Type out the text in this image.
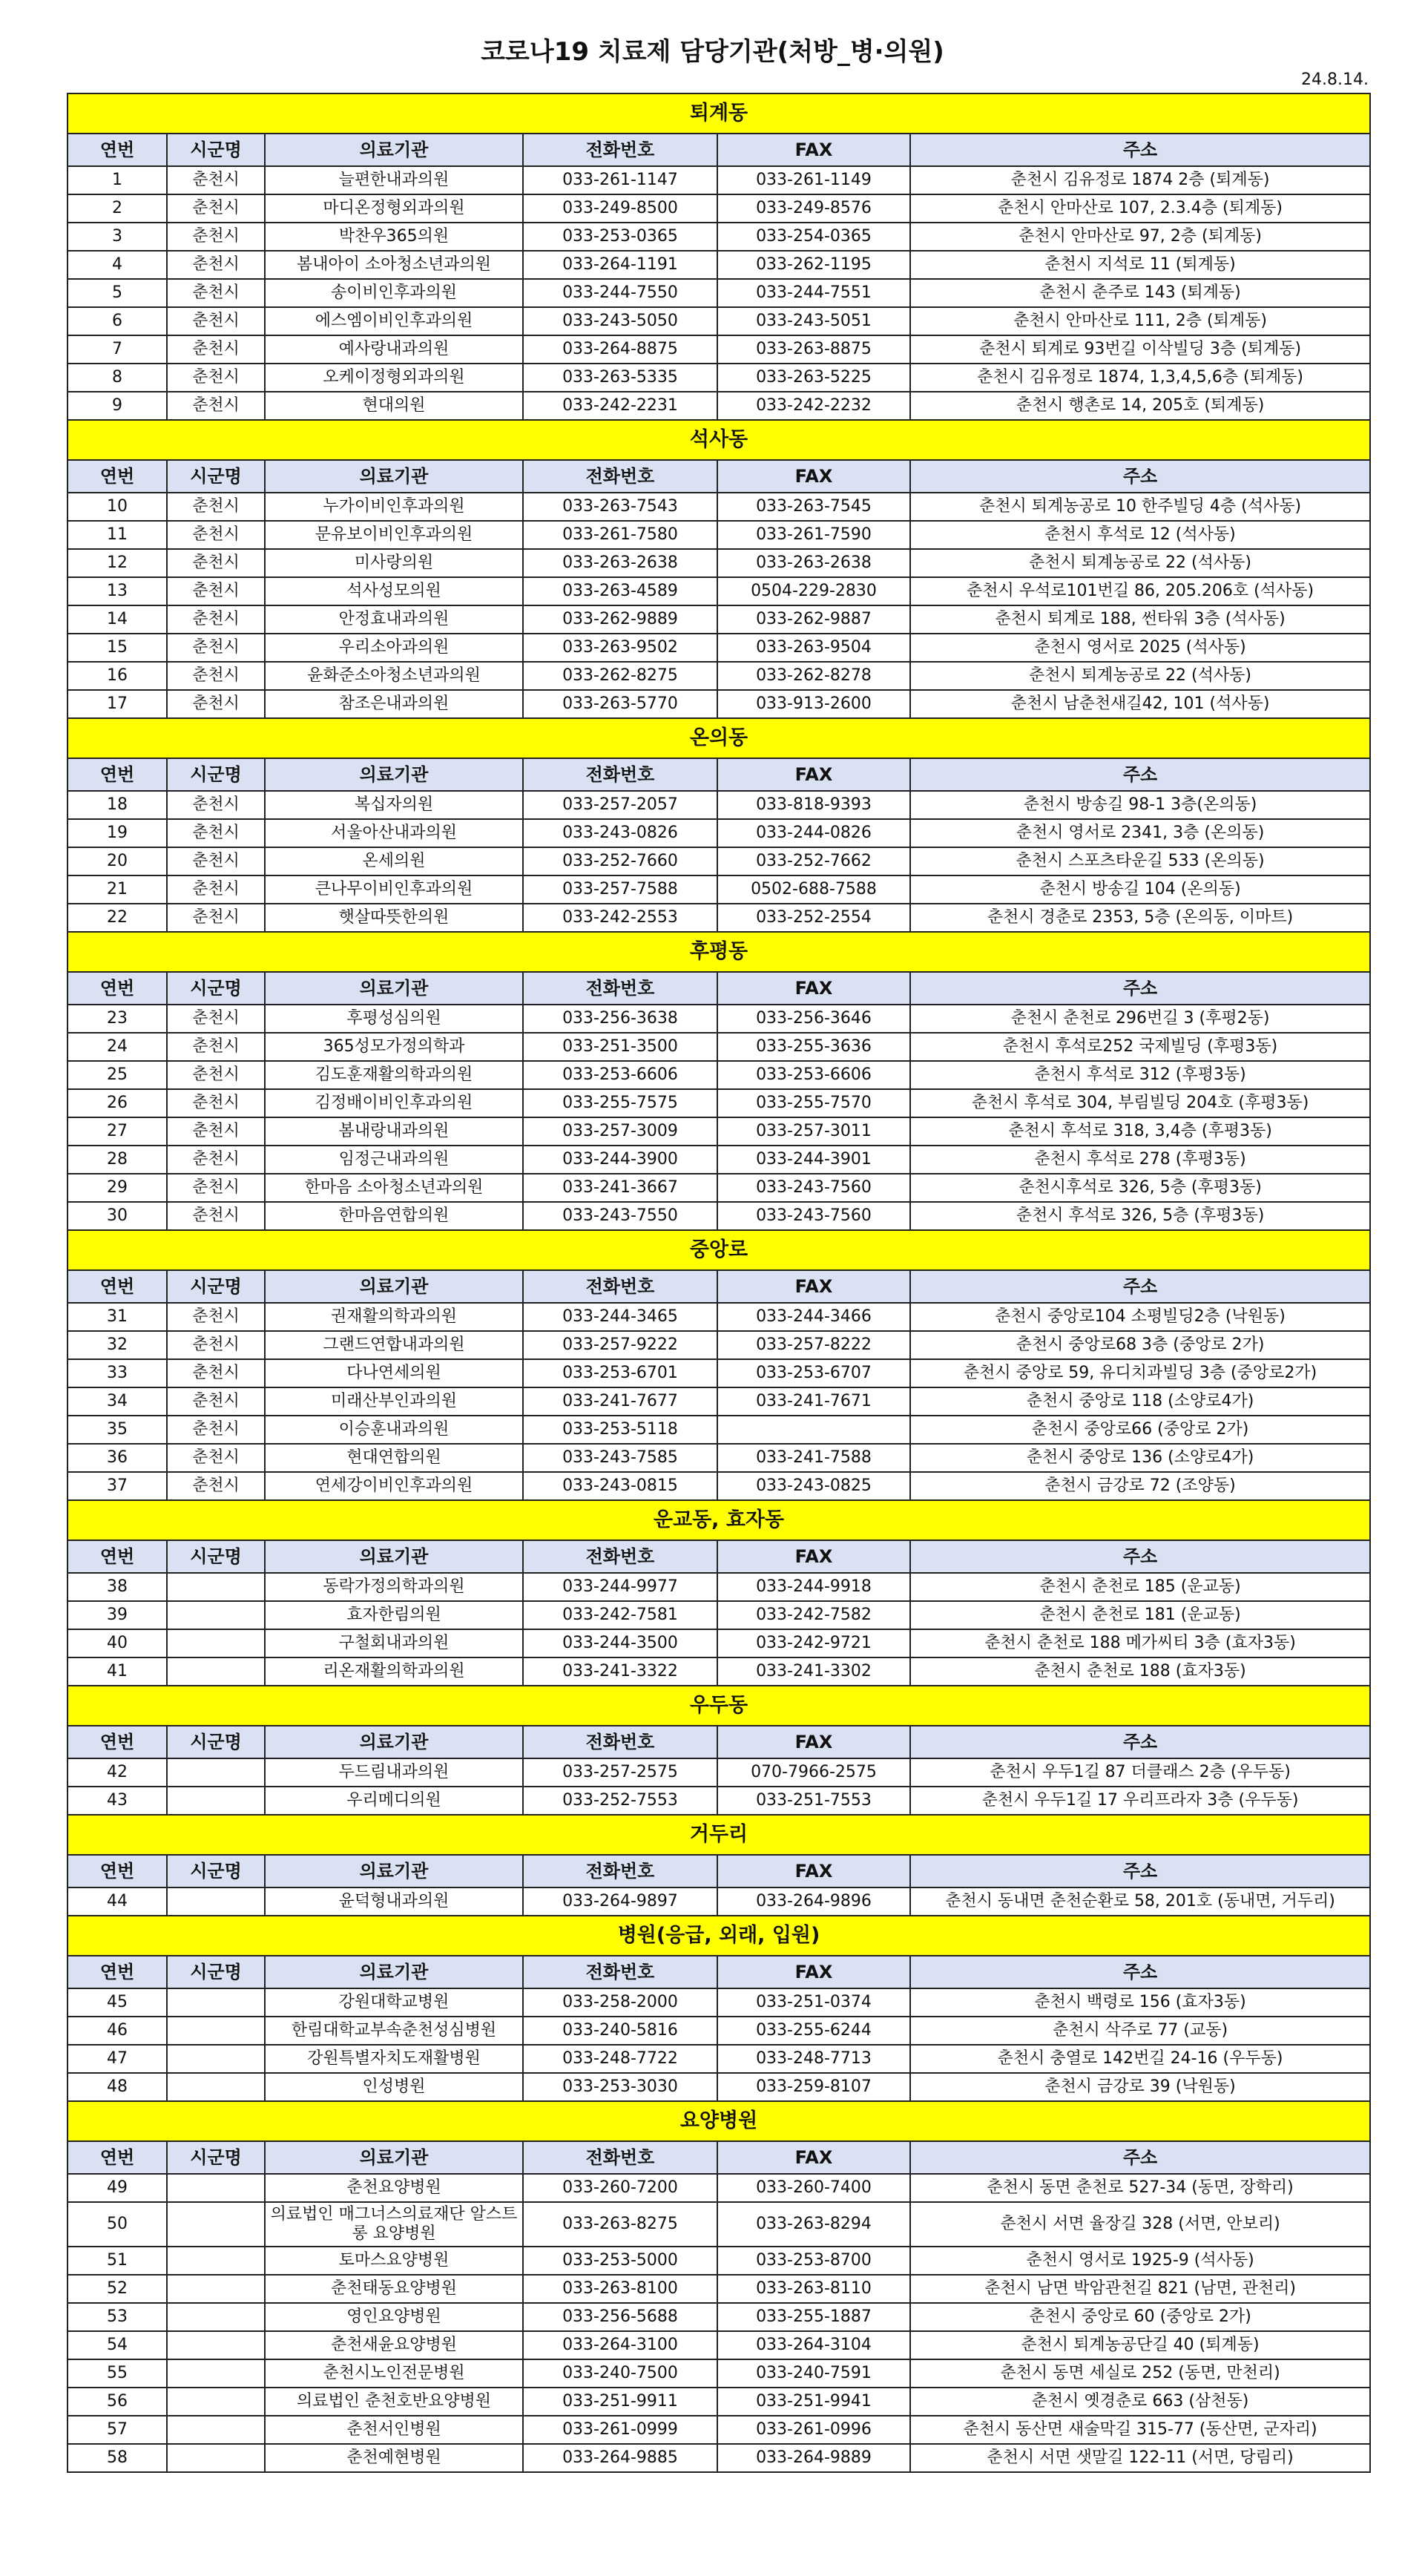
코로나19 치료제 담당기관(처방_병·의원)
24.8.14.
퇴계동					
연번	시군명	의료기관	전화번호	FAX	주소
1	춘천시	늘편한내과의원	033-261-1147	033-261-1149	춘천시 김유정로 1874 2층 (퇴계동)
2	춘천시	마디온정형외과의원	033-249-8500	033-249-8576	춘천시 안마산로 107, 2.3.4층 (퇴계동)
3	춘천시	박찬우365의원	033-253-0365	033-254-0365	춘천시 안마산로 97, 2층 (퇴계동)
4	춘천시	봄내아이 소아청소년과의원	033-264-1191	033-262-1195	춘천시 지석로 11 (퇴계동)
5	춘천시	송이비인후과의원	033-244-7550	033-244-7551	춘천시 춘주로 143 (퇴계동)
6	춘천시	에스엠이비인후과의원	033-243-5050	033-243-5051	춘천시 안마산로 111, 2층 (퇴계동)
7	춘천시	예사랑내과의원	033-264-8875	033-263-8875	춘천시 퇴계로 93번길 이삭빌딩 3층 (퇴계동)
8	춘천시	오케이정형외과의원	033-263-5335	033-263-5225	춘천시 김유정로 1874, 1,3,4,5,6층 (퇴계동)
9	춘천시	현대의원	033-242-2231	033-242-2232	춘천시 행촌로 14, 205호 (퇴계동)
석사동					
연번	시군명	의료기관	전화번호	FAX	주소
10	춘천시	누가이비인후과의원	033-263-7543	033-263-7545	춘천시 퇴계농공로 10 한주빌딩 4층 (석사동)
11	춘천시	문유보이비인후과의원	033-261-7580	033-261-7590	춘천시 후석로 12 (석사동)
12	춘천시	미사랑의원	033-263-2638	033-263-2638	춘천시 퇴계농공로 22 (석사동)
13	춘천시	석사성모의원	033-263-4589	0504-229-2830	춘천시 우석로101번길 86, 205.206호 (석사동)
14	춘천시	안정효내과의원	033-262-9889	033-262-9887	춘천시 퇴계로 188, 썬타워 3층 (석사동)
15	춘천시	우리소아과의원	033-263-9502	033-263-9504	춘천시 영서로 2025 (석사동)
16	춘천시	윤화준소아청소년과의원	033-262-8275	033-262-8278	춘천시 퇴계농공로 22 (석사동)
17	춘천시	참조은내과의원	033-263-5770	033-913-2600	춘천시 남춘천새길42, 101 (석사동)
온의동					
연번	시군명	의료기관	전화번호	FAX	주소
18	춘천시	복십자의원	033-257-2057	033-818-9393	춘천시 방송길 98-1 3층(온의동)
19	춘천시	서울아산내과의원	033-243-0826	033-244-0826	춘천시 영서로 2341, 3층 (온의동)
20	춘천시	온세의원	033-252-7660	033-252-7662	춘천시 스포츠타운길 533 (온의동)
21	춘천시	큰나무이비인후과의원	033-257-7588	0502-688-7588	춘천시 방송길 104 (온의동)
22	춘천시	햇살따뜻한의원	033-242-2553	033-252-2554	춘천시 경춘로 2353, 5층 (온의동, 이마트)
후평동					
연번	시군명	의료기관	전화번호	FAX	주소
23	춘천시	후평성심의원	033-256-3638	033-256-3646	춘천시 춘천로 296번길 3 (후평2동)
24	춘천시	365성모가정의학과	033-251-3500	033-255-3636	춘천시 후석로252 국제빌딩 (후평3동)
25	춘천시	김도훈재활의학과의원	033-253-6606	033-253-6606	춘천시 후석로 312 (후평3동)
26	춘천시	김정배이비인후과의원	033-255-7575	033-255-7570	춘천시 후석로 304, 부림빌딩 204호 (후평3동)
27	춘천시	봄내랑내과의원	033-257-3009	033-257-3011	춘천시 후석로 318, 3,4층 (후평3동)
28	춘천시	임정근내과의원	033-244-3900	033-244-3901	춘천시 후석로 278 (후평3동)
29	춘천시	한마음 소아청소년과의원	033-241-3667	033-243-7560	춘천시후석로 326, 5층 (후평3동)
30	춘천시	한마음연합의원	033-243-7550	033-243-7560	춘천시 후석로 326, 5층 (후평3동)
중앙로					
연번	시군명	의료기관	전화번호	FAX	주소
31	춘천시	권재활의학과의원	033-244-3465	033-244-3466	춘천시 중앙로104 소평빌딩2층 (낙원동)
32	춘천시	그랜드연합내과의원	033-257-9222	033-257-8222	춘천시 중앙로68 3층 (중앙로 2가)
33	춘천시	다나연세의원	033-253-6701	033-253-6707	춘천시 중앙로 59, 유디치과빌딩 3층 (중앙로2가)
34	춘천시	미래산부인과의원	033-241-7677	033-241-7671	춘천시 중앙로 118 (소양로4가)
35	춘천시	이승훈내과의원	033-253-5118		춘천시 중앙로66 (중앙로 2가)
36	춘천시	현대연합의원	033-243-7585	033-241-7588	춘천시 중앙로 136 (소양로4가)
37	춘천시	연세강이비인후과의원	033-243-0815	033-243-0825	춘천시 금강로 72 (조양동)
운교동, 효자동					
연번	시군명	의료기관	전화번호	FAX	주소
38		동락가정의학과의원	033-244-9977	033-244-9918	춘천시 춘천로 185 (운교동)
39		효자한림의원	033-242-7581	033-242-7582	춘천시 춘천로 181 (운교동)
40		구철회내과의원	033-244-3500	033-242-9721	춘천시 춘천로 188 메가씨티 3층 (효자3동)
41		리온재활의학과의원	033-241-3322	033-241-3302	춘천시 춘천로 188 (효자3동)
우두동					
연번	시군명	의료기관	전화번호	FAX	주소
42		두드림내과의원	033-257-2575	070-7966-2575	춘천시 우두1길 87 더클래스 2층 (우두동)
43		우리메디의원	033-252-7553	033-251-7553	춘천시 우두1길 17 우리프라자 3층 (우두동)
거두리					
연번	시군명	의료기관	전화번호	FAX	주소
44		윤덕형내과의원	033-264-9897	033-264-9896	춘천시 동내면 춘천순환로 58, 201호 (동내면, 거두리)
병원(응급, 외래, 입원)					
연번	시군명	의료기관	전화번호	FAX	주소
45		강원대학교병원	033-258-2000	033-251-0374	춘천시 백령로 156 (효자3동)
46		한림대학교부속춘천성심병원	033-240-5816	033-255-6244	춘천시 삭주로 77 (교동)
47		강원특별자치도재활병원	033-248-7722	033-248-7713	춘천시 충열로 142번길 24-16 (우두동)
48		인성병원	033-253-3030	033-259-8107	춘천시 금강로 39 (낙원동)
요양병원					
연번	시군명	의료기관	전화번호	FAX	주소
49		춘천요양병원	033-260-7200	033-260-7400	춘천시 동면 춘천로 527-34 (동면, 장학리)
50		의료법인 매그너스의료재단 알스트롱 요양병원	033-263-8275	033-263-8294	춘천시 서면 율장길 328 (서면, 안보리)
51		토마스요양병원	033-253-5000	033-253-8700	춘천시 영서로 1925-9 (석사동)
52		춘천태동요양병원	033-263-8100	033-263-8110	춘천시 남면 박암관천길 821 (남면, 관천리)
53		영인요양병원	033-256-5688	033-255-1887	춘천시 중앙로 60 (중앙로 2가)
54		춘천새윤요양병원	033-264-3100	033-264-3104	춘천시 퇴계농공단길 40 (퇴계동)
55		춘천시노인전문병원	033-240-7500	033-240-7591	춘천시 동면 세실로 252 (동면, 만천리)
56		의료법인 춘천호반요양병원	033-251-9911	033-251-9941	춘천시 옛경춘로 663 (삼천동)
57		춘천서인병원	033-261-0999	033-261-0996	춘천시 동산면 새술막길 315-77 (동산면, 군자리)
58		춘천예현병원	033-264-9885	033-264-9889	춘천시 서면 샛말길 122-11 (서면, 당림리)
